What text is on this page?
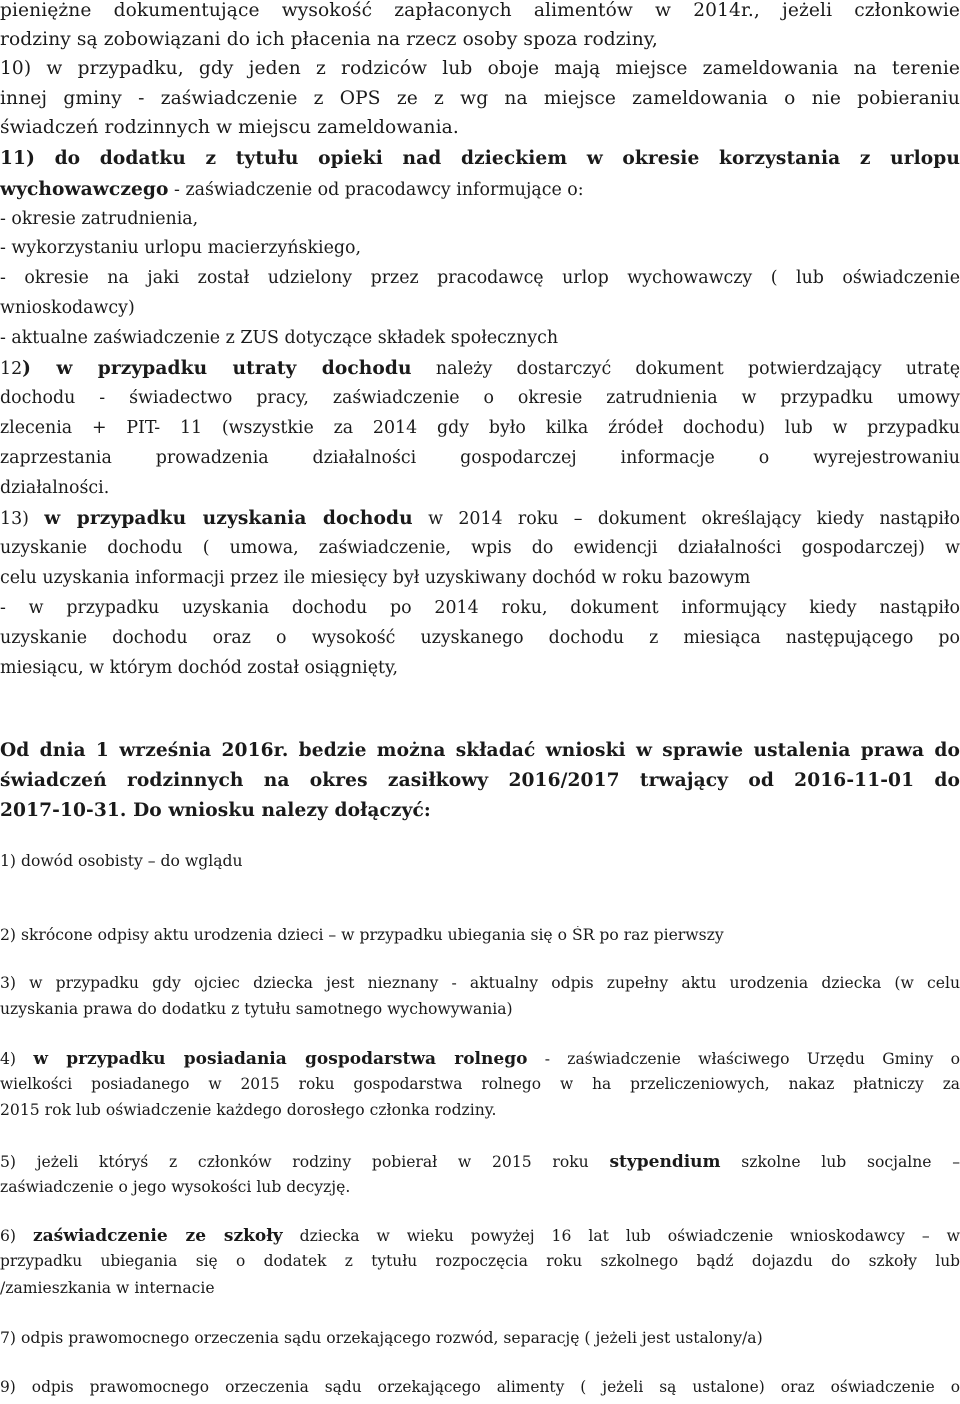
pieniężne dokumentujące wysokość zapłaconych alimentów w 2014r., jeżeli członkowie

rodziny są zobowiązani do ich płacenia na rzecz osoby spoza rodziny,

10) w przypadku, gdy jeden z rodziców lub oboje mają miejsce zameldowania na terenie

innej gminy - zaświadczenie z OPS ze z wg na miejsce zameldowania o nie pobieraniu

świadczeń rodzinnych w miejscu zameldowania.

11) do dodatku z tytułu opieki nad dzieckiem w okresie korzystania z urlopu

wychowawczego - zaświadczenie od pracodawcy informujące o:

- okresie zatrudnienia,

- wykorzystaniu urlopu macierzyńskiego,

- okresie na jaki został udzielony przez pracodawcę urlop wychowawczy ( lub oświadczenie

wnioskodawcy)

- aktualne zaświadczenie z ZUS dotyczące składek społecznych

12) w przypadku utraty dochodu należy dostarczyć dokument potwierdzający utratę

dochodu - świadectwo pracy, zaświadczenie o okresie zatrudnienia w przypadku umowy

zlecenia + PIT- 11 (wszystkie za 2014 gdy było kilka źródeł dochodu) lub w przypadku

zaprzestania prowadzenia działalności gospodarczej informacje o wyrejestrowaniu

działalności.

13) w przypadku uzyskania dochodu w 2014 roku – dokument określający kiedy nastąpiło

uzyskanie dochodu ( umowa, zaświadczenie, wpis do ewidencji działalności gospodarczej) w

celu uzyskania informacji przez ile miesięcy był uzyskiwany dochód w roku bazowym

- w przypadku uzyskania dochodu po 2014 roku, dokument informujący kiedy nastąpiło

uzyskanie dochodu oraz o wysokość uzyskanego dochodu z miesiąca następującego po

miesiącu, w którym dochód został osiągnięty,

Od dnia 1 września 2016r. bedzie można składać wnioski w sprawie ustalenia prawa do

świadczeń rodzinnych na okres zasiłkowy 2016/2017 trwający od 2016-11-01 do

2017-10-31. Do wniosku nalezy dołączyć:

1) dowód osobisty – do wglądu

2) skrócone odpisy aktu urodzenia dzieci – w przypadku ubiegania się o ŚR po raz pierwszy

3) w przypadku gdy ojciec dziecka jest nieznany - aktualny odpis zupełny aktu urodzenia dziecka (w celu

uzyskania prawa do dodatku z tytułu samotnego wychowywania)

4) w przypadku posiadania gospodarstwa rolnego - zaświadczenie właściwego Urzędu Gminy o

wielkości posiadanego w 2015 roku gospodarstwa rolnego w ha przeliczeniowych, nakaz płatniczy za

2015 rok lub oświadczenie każdego dorosłego członka rodziny.

5) jeżeli któryś z członków rodziny pobierał w 2015 roku stypendium szkolne lub socjalne –

zaświadczenie o jego wysokości lub decyzję.

6) zaświadczenie ze szkoły dziecka w wieku powyżej 16 lat lub oświadczenie wnioskodawcy – w

przypadku ubiegania się o dodatek z tytułu rozpoczęcia roku szkolnego bądź dojazdu do szkoły lub

/zamieszkania w internacie

7) odpis prawomocnego orzeczenia sądu orzekającego rozwód, separację ( jeżeli jest ustalony/a)

9) odpis prawomocnego orzeczenia sądu orzekającego alimenty ( jeżeli są ustalone) oraz oświadczenie o
